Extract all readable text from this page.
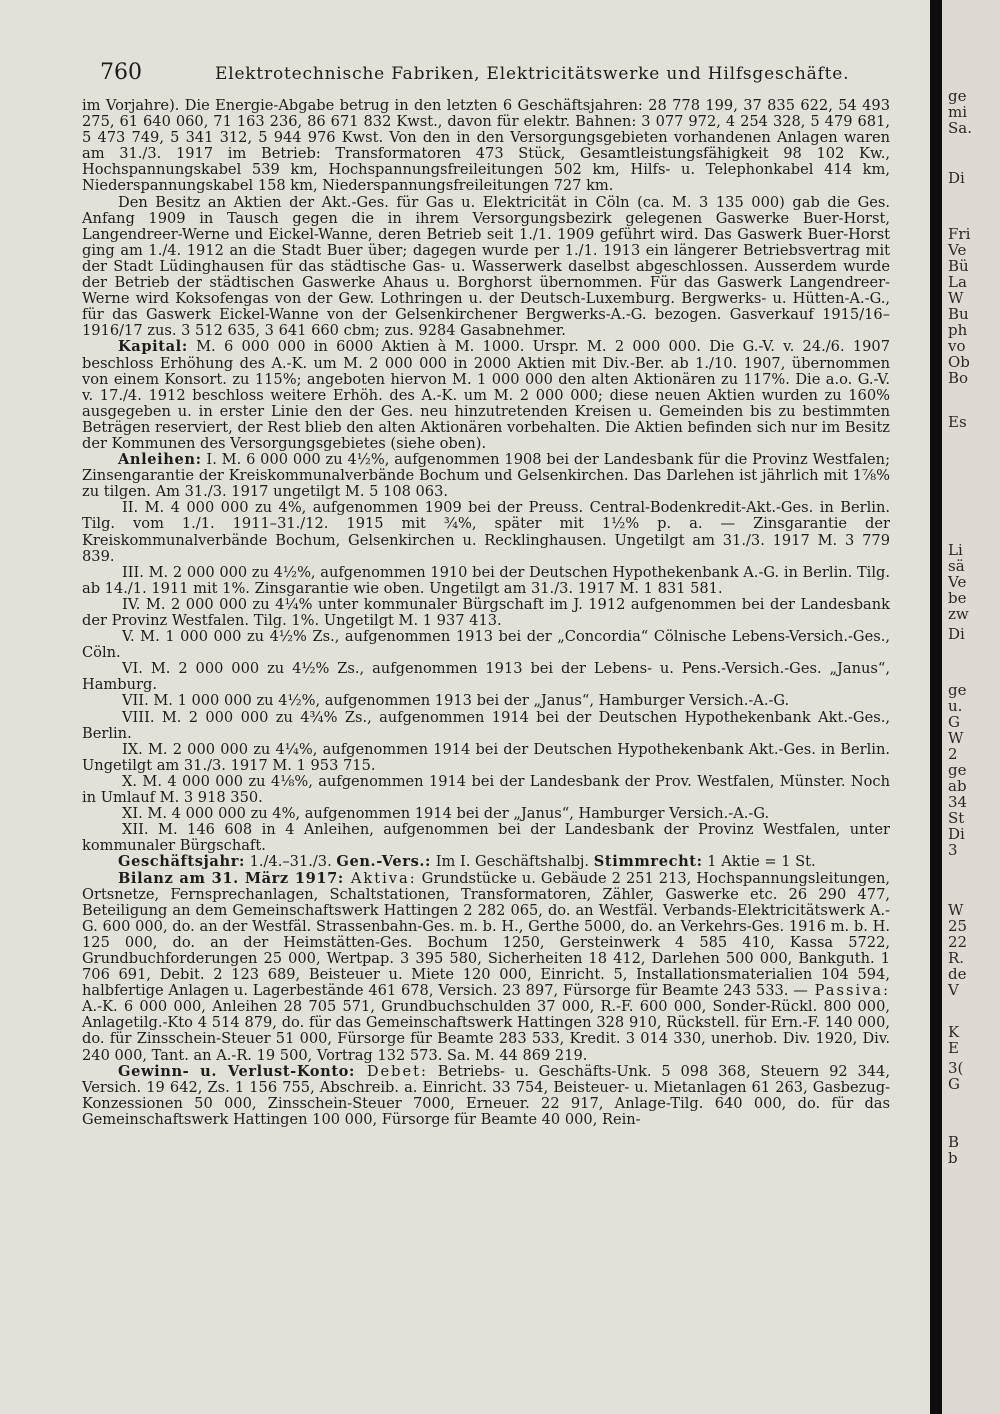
760	Elektrotechnische Fabriken, Elektricitätswerke und Hilfsgeschäfte.

im Vorjahre). Die Energie-Abgabe betrug in den letzten 6 Geschäftsjahren: 28 778 199, 37 835 622, 54 493 275, 61 640 060, 71 163 236, 86 671 832 Kwst., davon für elektr. Bahnen: 3 077 972, 4 254 328, 5 479 681, 5 473 749, 5 341 312, 5 944 976 Kwst. Von den in den Versorgungsgebieten vorhandenen Anlagen waren am 31./3. 1917 im Betrieb: Transformatoren 473 Stück, Gesamtleistungsfähigkeit 98 102 Kw., Hochspannungskabel 539 km, Hochspannungsfreileitungen 502 km, Hilfs- u. Telephonkabel 414 km, Niederspannungskabel 158 km, Niederspannungsfreileitungen 727 km.

Den Besitz an Aktien der Akt.-Ges. für Gas u. Elektricität in Cöln (ca. M. 3 135 000) gab die Ges. Anfang 1909 in Tausch gegen die in ihrem Versorgungsbezirk gelegenen Gaswerke Buer-Horst, Langendreer-Werne und Eickel-Wanne, deren Betrieb seit 1./1. 1909 geführt wird. Das Gaswerk Buer-Horst ging am 1./4. 1912 an die Stadt Buer über; dagegen wurde per 1./1. 1913 ein längerer Betriebsvertrag mit der Stadt Lüdinghausen für das städtische Gas- u. Wasserwerk daselbst abgeschlossen. Ausserdem wurde der Betrieb der städtischen Gaswerke Ahaus u. Borghorst übernommen. Für das Gaswerk Langendreer-Werne wird Koksofengas von der Gew. Lothringen u. der Deutsch-Luxemburg. Bergwerks- u. Hütten-A.-G., für das Gaswerk Eickel-Wanne von der Gelsenkirchener Bergwerks-A.-G. bezogen. Gasverkauf 1915/16–1916/17 zus. 3 512 635, 3 641 660 cbm; zus. 9284 Gasabnehmer.

Kapital: M. 6 000 000 in 6000 Aktien à M. 1000. Urspr. M. 2 000 000. Die G.-V. v. 24./6. 1907 beschloss Erhöhung des A.-K. um M. 2 000 000 in 2000 Aktien mit Div.-Ber. ab 1./10. 1907, übernommen von einem Konsort. zu 115%; angeboten hiervon M. 1 000 000 den alten Aktionären zu 117%. Die a.o. G.-V. v. 17./4. 1912 beschloss weitere Erhöh. des A.-K. um M. 2 000 000; diese neuen Aktien wurden zu 160% ausgegeben u. in erster Linie den der Ges. neu hinzutretenden Kreisen u. Gemeinden bis zu bestimmten Beträgen reserviert, der Rest blieb den alten Aktionären vorbehalten. Die Aktien befinden sich nur im Besitz der Kommunen des Versorgungsgebietes (siehe oben).

Anleihen: I. M. 6 000 000 zu 4½%, aufgenommen 1908 bei der Landesbank für die Provinz Westfalen; Zinsengarantie der Kreiskommunalverbände Bochum und Gelsenkirchen. Das Darlehen ist jährlich mit 1⅞% zu tilgen. Am 31./3. 1917 ungetilgt M. 5 108 063.

II. M. 4 000 000 zu 4%, aufgenommen 1909 bei der Preuss. Central-Bodenkredit-Akt.-Ges. in Berlin. Tilg. vom 1./1. 1911–31./12. 1915 mit ¾%, später mit 1½% p. a. — Zinsgarantie der Kreiskommunalverbände Bochum, Gelsenkirchen u. Recklinghausen. Ungetilgt am 31./3. 1917 M. 3 779 839.

III. M. 2 000 000 zu 4½%, aufgenommen 1910 bei der Deutschen Hypothekenbank A.-G. in Berlin. Tilg. ab 14./1. 1911 mit 1%. Zinsgarantie wie oben. Ungetilgt am 31./3. 1917 M. 1 831 581.

IV. M. 2 000 000 zu 4¼% unter kommunaler Bürgschaft im J. 1912 aufgenommen bei der Landesbank der Provinz Westfalen. Tilg. 1%. Ungetilgt M. 1 937 413.

V. M. 1 000 000 zu 4½% Zs., aufgenommen 1913 bei der „Concordia“ Cölnische Lebens-Versich.-Ges., Cöln.

VI. M. 2 000 000 zu 4½% Zs., aufgenommen 1913 bei der Lebens- u. Pens.-Versich.-Ges. „Janus“, Hamburg.

VII. M. 1 000 000 zu 4½%, aufgenommen 1913 bei der „Janus“, Hamburger Versich.-A.-G.

VIII. M. 2 000 000 zu 4¾% Zs., aufgenommen 1914 bei der Deutschen Hypothekenbank Akt.-Ges., Berlin.

IX. M. 2 000 000 zu 4¼%, aufgenommen 1914 bei der Deutschen Hypothekenbank Akt.-Ges. in Berlin. Ungetilgt am 31./3. 1917 M. 1 953 715.

X. M. 4 000 000 zu 4⅛%, aufgenommen 1914 bei der Landesbank der Prov. Westfalen, Münster. Noch in Umlauf M. 3 918 350.

XI. M. 4 000 000 zu 4%, aufgenommen 1914 bei der „Janus“, Hamburger Versich.-A.-G.

XII. M. 146 608 in 4 Anleihen, aufgenommen bei der Landesbank der Provinz Westfalen, unter kommunaler Bürgschaft.

Geschäftsjahr: 1./4.–31./3. Gen.-Vers.: Im I. Geschäftshalbj. Stimmrecht: 1 Aktie = 1 St.

Bilanz am 31. März 1917: Aktiva: Grundstücke u. Gebäude 2 251 213, Hochspannungsleitungen, Ortsnetze, Fernsprechanlagen, Schaltstationen, Transformatoren, Zähler, Gaswerke etc. 26 290 477, Beteiligung an dem Gemeinschaftswerk Hattingen 2 282 065, do. an Westfäl. Verbands-Elektricitätswerk A.-G. 600 000, do. an der Westfäl. Strassenbahn-Ges. m. b. H., Gerthe 5000, do. an Verkehrs-Ges. 1916 m. b. H. 125 000, do. an der Heimstätten-Ges. Bochum 1250, Gersteinwerk 4 585 410, Kassa 5722, Grundbuchforderungen 25 000, Wertpap. 3 395 580, Sicherheiten 18 412, Darlehen 500 000, Bankguth. 1 706 691, Debit. 2 123 689, Beisteuer u. Miete 120 000, Einricht. 5, Installationsmaterialien 104 594, halbfertige Anlagen u. Lagerbestände 461 678, Versich. 23 897, Fürsorge für Beamte 243 533. — Passiva: A.-K. 6 000 000, Anleihen 28 705 571, Grundbuchschulden 37 000, R.-F. 600 000, Sonder-Rückl. 800 000, Anlagetilg.-Kto 4 514 879, do. für das Gemeinschaftswerk Hattingen 328 910, Rückstell. für Ern.-F. 140 000, do. für Zinsschein-Steuer 51 000, Fürsorge für Beamte 283 533, Kredit. 3 014 330, unerhob. Div. 1920, Div. 240 000, Tant. an A.-R. 19 500, Vortrag 132 573. Sa. M. 44 869 219.

Gewinn- u. Verlust-Konto: Debet: Betriebs- u. Geschäfts-Unk. 5 098 368, Steuern 92 344, Versich. 19 642, Zs. 1 156 755, Abschreib. a. Einricht. 33 754, Beisteuer- u. Mietanlagen 61 263, Gasbezug-Konzessionen 50 000, Zinsschein-Steuer 7000, Erneuer. 22 917, Anlage-Tilg. 640 000, do. für das Gemeinschaftswerk Hattingen 100 000, Fürsorge für Beamte 40 000, Rein-

ge
mi
Sa.
Di
Fri
Ve
Bü
La
W
Bu
ph
vo
Ob
Bo
Es
Li
sä
Ve
be
zw
Di
ge
u.
G
W
2
ge
ab
34
St
Di
3
W
25
22
R.
de
V
K
E
3(
G
B
b
